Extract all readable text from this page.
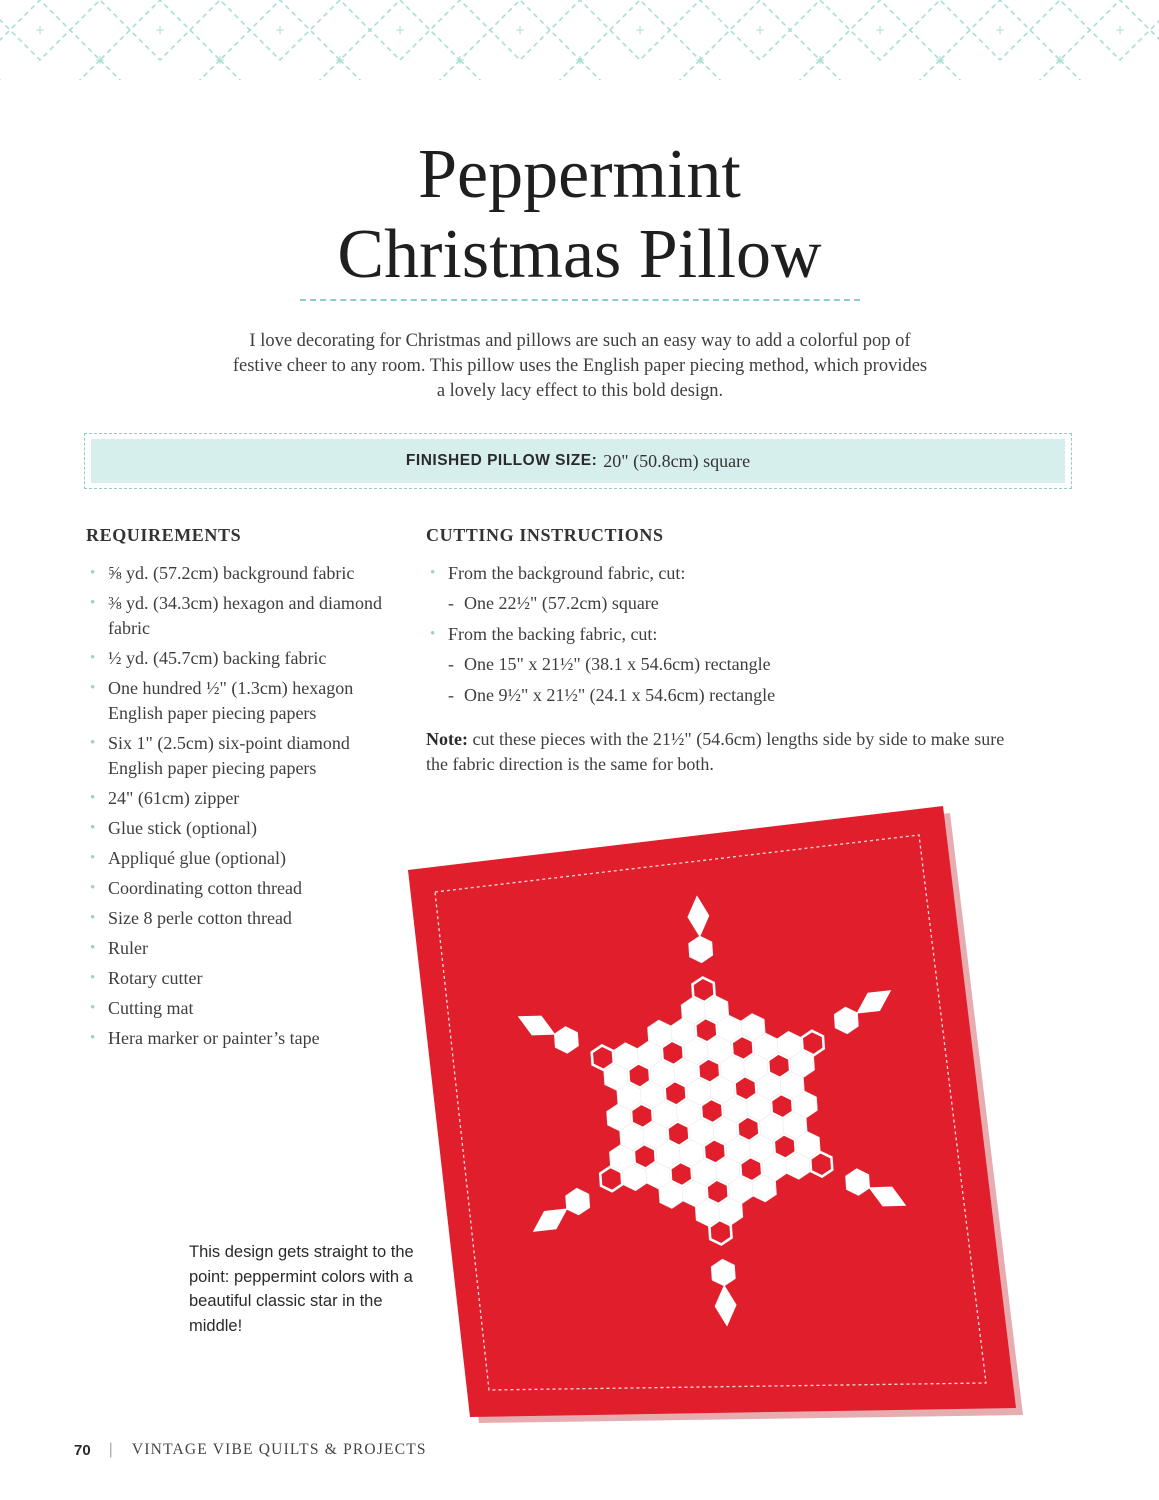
+	+	+	+	+	+	+	+	+	+
+	+	+	+	+	+	+	+	+
Peppermint
Christmas Pillow

I love decorating for Christmas and pillows are such an easy way to add a colorful pop of festive cheer to any room. This pillow uses the English paper piecing method, which provides a lovely lacy effect to this bold design.

FINISHED PILLOW SIZE: 20" (50.8cm) square
REQUIREMENTS
• ⅝ yd. (57.2cm) background fabric
• ⅜ yd. (34.3cm) hexagon and diamond fabric
• ½ yd. (45.7cm) backing fabric
• One hundred ½" (1.3cm) hexagon English paper piecing papers
• Six 1" (2.5cm) six-point diamond English paper piecing papers
• 24" (61cm) zipper
• Glue stick (optional)
• Appliqué glue (optional)
• Coordinating cotton thread
• Size 8 perle cotton thread
• Ruler
• Rotary cutter
• Cutting mat
• Hera marker or painter’s tape
CUTTING INSTRUCTIONS
• From the background fabric, cut:
- One 22½" (57.2cm) square
• From the backing fabric, cut:
- One 15" x 21½" (38.1 x 54.6cm) rectangle
- One 9½" x 21½" (24.1 x 54.6cm) rectangle
Note: cut these pieces with the 21½" (54.6cm) lengths side by side to make sure the fabric direction is the same for both.
This design gets straight to the point: peppermint colors with a beautiful classic star in the middle!
70 | VINTAGE VIBE QUILTS & PROJECTS
